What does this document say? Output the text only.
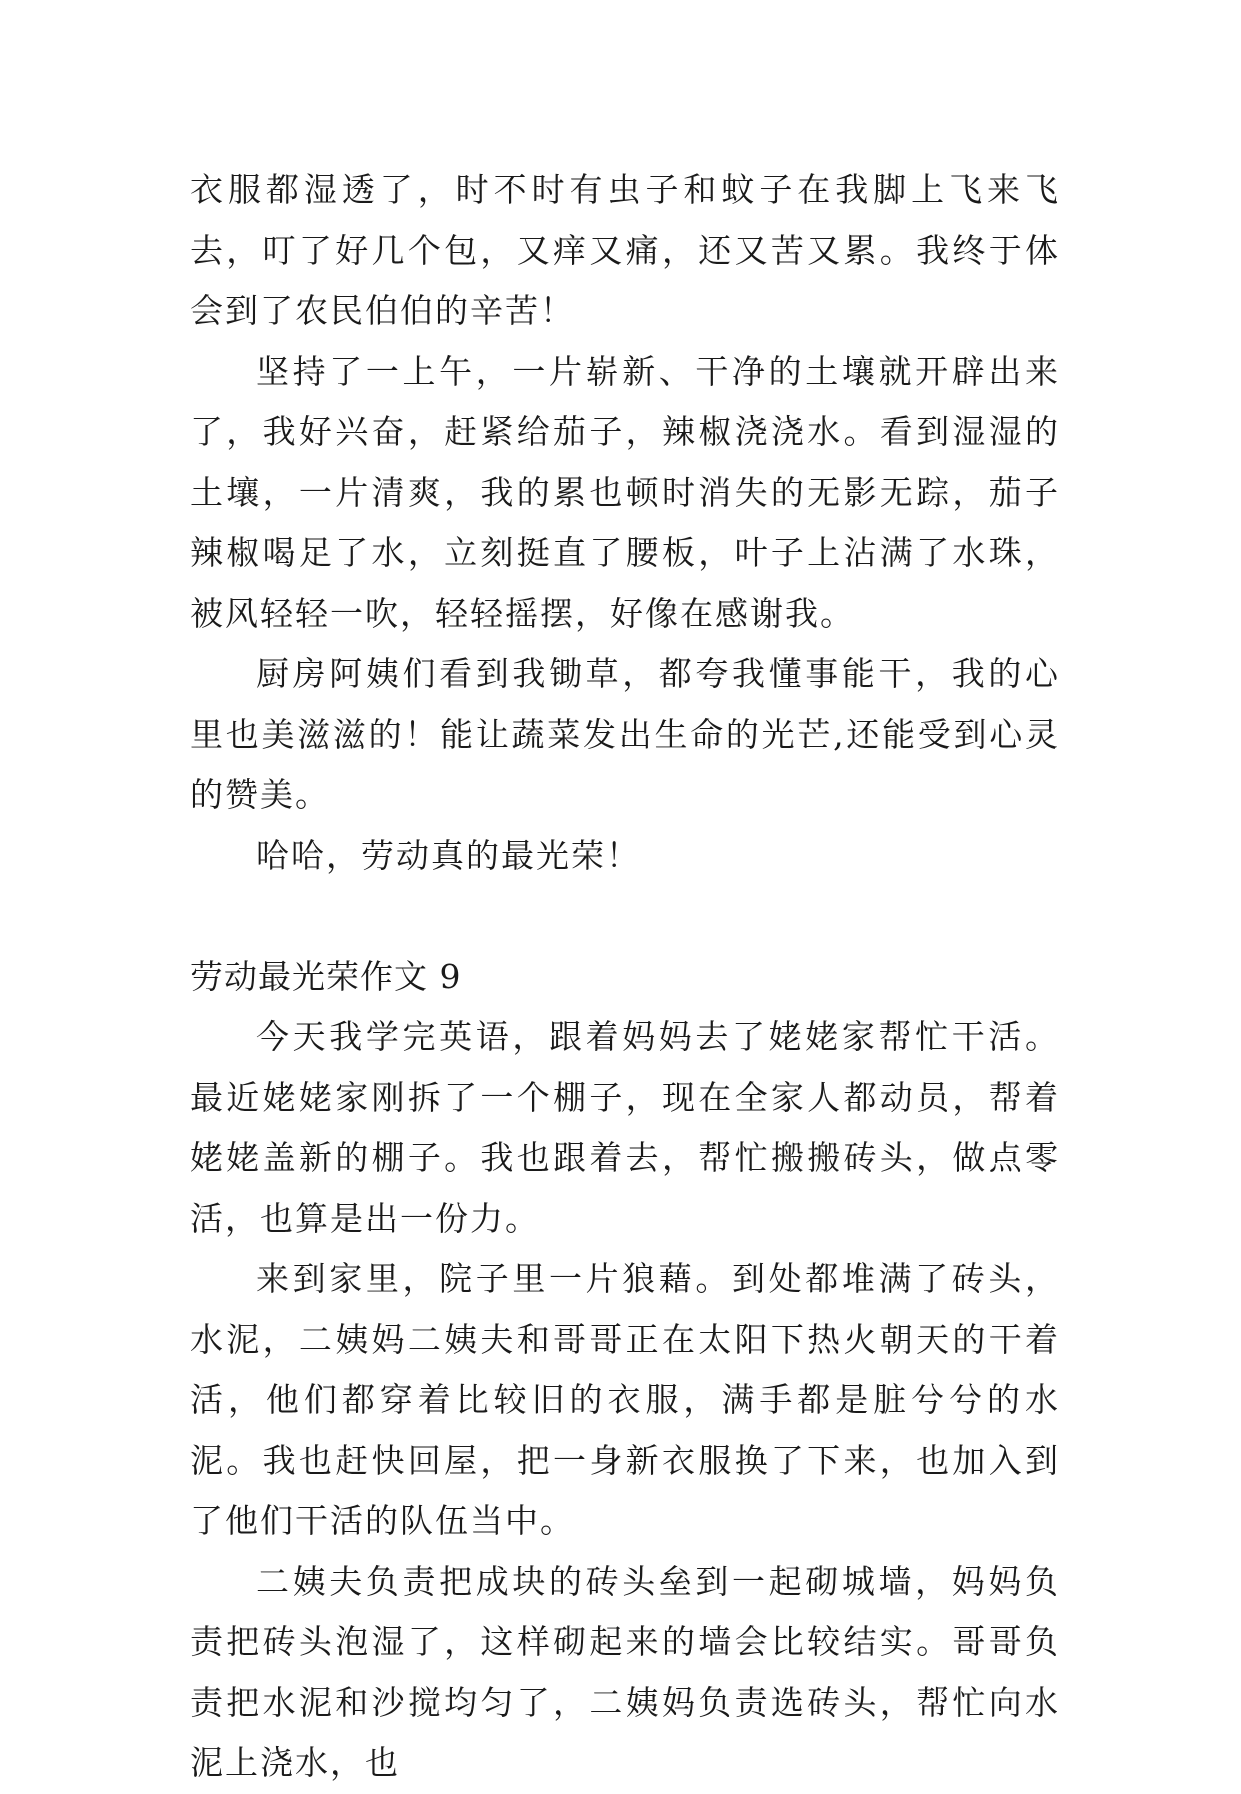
衣服都湿透了，时不时有虫子和蚊子在我脚上飞来飞去，叮了好几个包，又痒又痛，还又苦又累。我终于体会到了农民伯伯的辛苦！

坚持了一上午，一片崭新、干净的土壤就开辟出来了，我好兴奋，赶紧给茄子，辣椒浇浇水。看到湿湿的土壤，一片清爽，我的累也顿时消失的无影无踪，茄子辣椒喝足了水，立刻挺直了腰板，叶子上沾满了水珠，被风轻轻一吹，轻轻摇摆，好像在感谢我。

厨房阿姨们看到我锄草，都夸我懂事能干，我的心里也美滋滋的！能让蔬菜发出生命的光芒,还能受到心灵的赞美。

哈哈，劳动真的最光荣！

劳动最光荣作文 9

今天我学完英语，跟着妈妈去了姥姥家帮忙干活。最近姥姥家刚拆了一个棚子，现在全家人都动员，帮着姥姥盖新的棚子。我也跟着去，帮忙搬搬砖头，做点零活，也算是出一份力。

来到家里，院子里一片狼藉。到处都堆满了砖头，水泥，二姨妈二姨夫和哥哥正在太阳下热火朝天的干着活，他们都穿着比较旧的衣服，满手都是脏兮兮的水泥。我也赶快回屋，把一身新衣服换了下来，也加入到了他们干活的队伍当中。

二姨夫负责把成块的砖头垒到一起砌城墙，妈妈负责把砖头泡湿了，这样砌起来的墙会比较结实。哥哥负责把水泥和沙搅均匀了，二姨妈负责选砖头，帮忙向水泥上浇水，也
